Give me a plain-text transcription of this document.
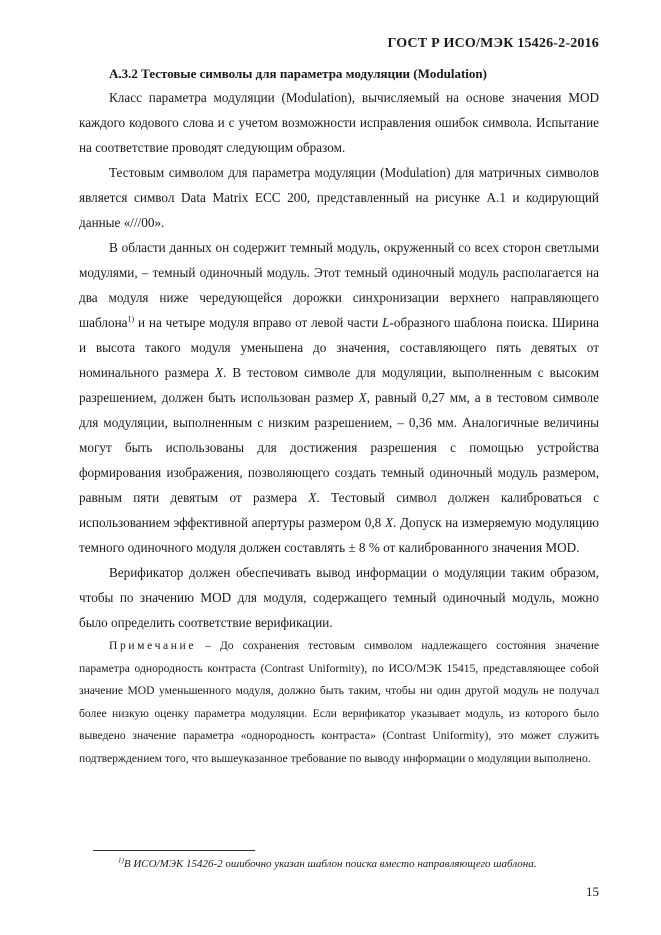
ГОСТ Р ИСО/МЭК 15426-2-2016

A.3.2 Тестовые символы для параметра модуляции (Modulation)

Класс параметра модуляции (Modulation), вычисляемый на основе значения MOD каждого кодового слова и с учетом возможности исправления ошибок символа. Испытание на соответствие проводят следующим образом.

Тестовым символом для параметра модуляции (Modulation) для матричных символов является символ Data Matrix ECC 200, представленный на рисунке A.1 и кодирующий данные «///00».

В области данных он содержит темный модуль, окруженный со всех сторон светлыми модулями, – темный одиночный модуль. Этот темный одиночный модуль располагается на два модуля ниже чередующейся дорожки синхронизации верхнего направляющего шаблона$^{1)}$ и на четыре модуля вправо от левой части L-образного шаблона поиска. Ширина и высота такого модуля уменьшена до значения, составляющего пять девятых от номинального размера X. В тестовом символе для модуляции, выполненным с высоким разрешением, должен быть использован размер X, равный 0,27 мм, а в тестовом символе для модуляции, выполненным с низким разрешением, – 0,36 мм. Аналогичные величины могут быть использованы для достижения разрешения с помощью устройства формирования изображения, позволяющего создать темный одиночный модуль размером, равным пяти девятым от размера X. Тестовый символ должен калиброваться с использованием эффективной апертуры размером 0,8 X. Допуск на измеряемую модуляцию темного одиночного модуля должен составлять ± 8 % от калиброванного значения MOD.

Верификатор должен обеспечивать вывод информации о модуляции таким образом, чтобы по значению MOD для модуля, содержащего темный одиночный модуль, можно было определить соответствие верификации.

Примечание – До сохранения тестовым символом надлежащего состояния значение параметра однородность контраста (Contrast Uniformity), по ИСО/МЭК 15415, представляющее собой значение MOD уменьшенного модуля, должно быть таким, чтобы ни один другой модуль не получал более низкую оценку параметра модуляции. Если верификатор указывает модуль, из которого было выведено значение параметра «однородность контраста» (Contrast Uniformity), это может служить подтверждением того, что вышеуказанное требование по выводу информации о модуляции выполнено.

$^{1)}$В ИСО/МЭК 15426-2 ошибочно указан шаблон поиска вместо направляющего шаблона.
15
